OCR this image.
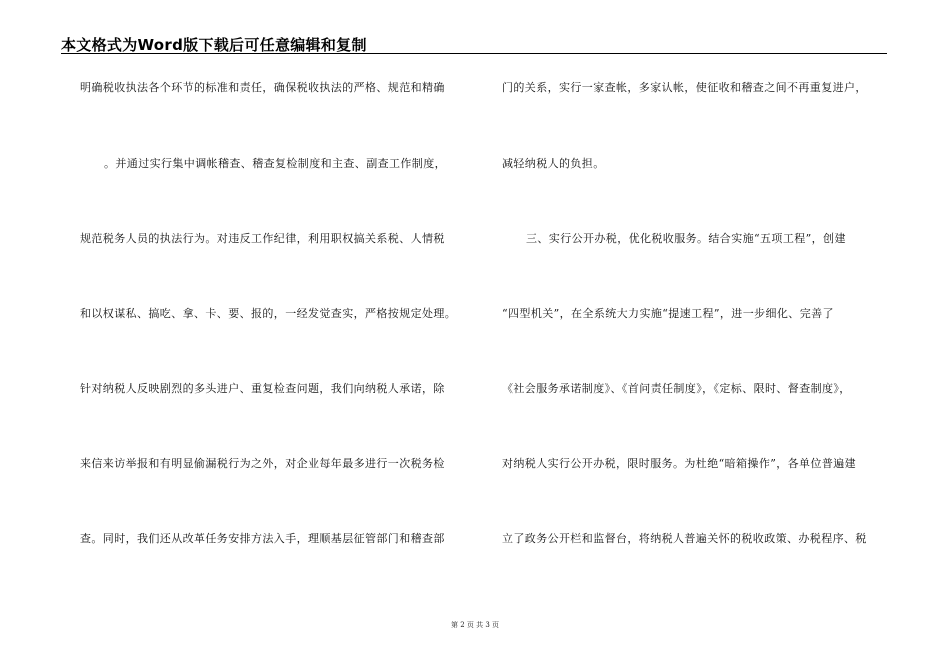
本文格式为Word版下载后可任意编辑和复制
明确税收执法各个环节的标准和责任，确保税收执法的严格、规范和精确
。并通过实行集中调帐稽查、稽查复检制度和主查、副查工作制度，
规范税务人员的执法行为。对违反工作纪律，利用职权搞关系税、人情税
和以权谋私、搞吃、拿、卡、要、报的，一经发觉查实，严格按规定处理。
针对纳税人反映剧烈的多头进户、重复检查问题，我们向纳税人承诺，除
来信来访举报和有明显偷漏税行为之外，对企业每年最多进行一次税务检
查。同时，我们还从改革任务安排方法入手，理顺基层征管部门和稽查部
门的关系，实行一家查帐，多家认帐，使征收和稽查之间不再重复进户，
减轻纳税人的负担。
三、实行公开办税，优化税收服务。结合实施“五项工程”，创建
“四型机关”，在全系统大力实施“提速工程”，进一步细化、完善了
《社会服务承诺制度》、《首问责任制度》，《定标、限时、督查制度》，
对纳税人实行公开办税，限时服务。为杜绝“暗箱操作”，各单位普遍建
立了政务公开栏和监督台，将纳税人普遍关怀的税收政策、办税程序、税
第 2 页 共 3 页
